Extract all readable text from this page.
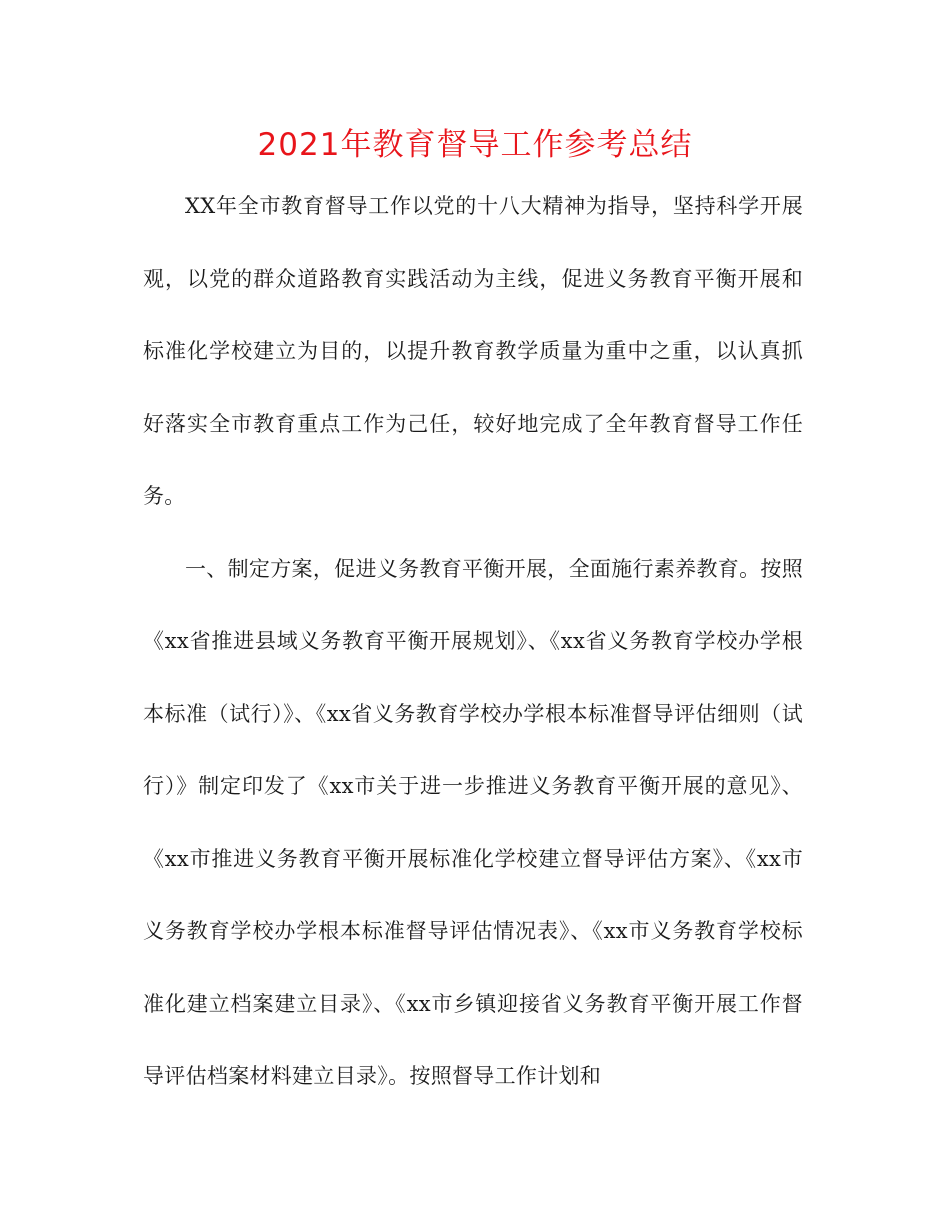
2021年教育督导工作参考总结

XX年全市教育督导工作以党的十八大精神为指导，坚持科学开展观，以党的群众道路教育实践活动为主线，促进义务教育平衡开展和标准化学校建立为目的，以提升教育教学质量为重中之重，以认真抓好落实全市教育重点工作为己任，较好地完成了全年教育督导工作任务。

一、制定方案，促进义务教育平衡开展，全面施行素养教育。按照《xx省推进县域义务教育平衡开展规划》、《xx省义务教育学校办学根本标准（试行）》、《xx省义务教育学校办学根本标准督导评估细则（试行）》制定印发了《xx市关于进一步推进义务教育平衡开展的意见》、《xx市推进义务教育平衡开展标准化学校建立督导评估方案》、《xx市义务教育学校办学根本标准督导评估情况表》、《xx市义务教育学校标准化建立档案建立目录》、《xx市乡镇迎接省义务教育平衡开展工作督导评估档案材料建立目录》。按照督导工作计划和
